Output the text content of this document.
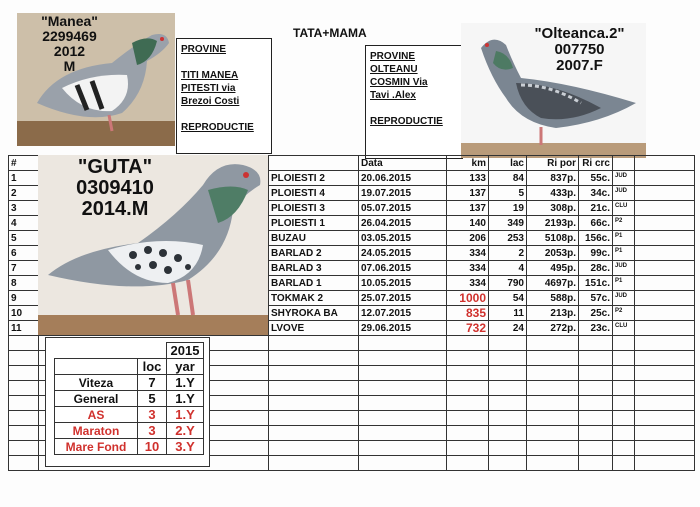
TATA+MAMA
"Manea"
2299469
2012
M
PROVINE

TITI MANEA
PITESTI via
Brezoi Costi

REPRODUCTIE
PROVINE
OLTEANU
COSMIN Via
Tavi .Alex

REPRODUCTIE
"Olteanca.2"
007750
2007.F
#			Data	km	lac	Ri por	Ri crc		
1		PLOIESTI 2	20.06.2015	133	84	837p.	55c.	$^{JUD}$	
2		PLOIESTI 4	19.07.2015	137	5	433p.	34c.	$^{JUD}$	
3		PLOIESTI 3	05.07.2015	137	19	308p.	21c.	$^{CLU}$	
4		PLOIESTI 1	26.04.2015	140	349	2193p.	66c.	$^{P2}$	
5		BUZAU	03.05.2015	206	253	5108p.	156c.	$^{P1}$	
6		BARLAD 2	24.05.2015	334	2	2053p.	99c.	$^{P1}$	
7		BARLAD 3	07.06.2015	334	4	495p.	28c.	$^{JUD}$	
8		BARLAD 1	10.05.2015	334	790	4697p.	151c.	$^{P1}$	
9		TOKMAK 2	25.07.2015	1000	54	588p.	57c.	$^{JUD}$	
10		SHYROKA BA	12.07.2015	835	11	213p.	25c.	$^{P2}$	
11		LVOVE	29.06.2015	732	24	272p.	23c.	$^{CLU}$	

"GUTA"
0309410
2014.M
		2015
	loc	yar
Viteza	7	1.Y
General	5	1.Y
AS	3	1.Y
Maraton	3	2.Y
Mare Fond	10	3.Y
